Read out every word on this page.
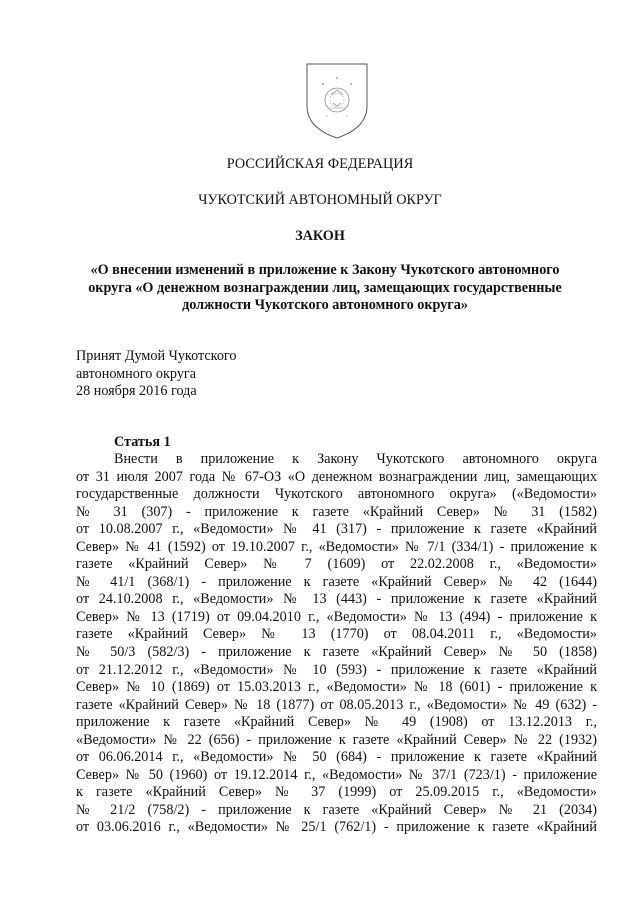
РОССИЙСКАЯ ФЕДЕРАЦИЯ
ЧУКОТСКИЙ АВТОНОМНЫЙ ОКРУГ
ЗАКОН
«О внесении изменений в приложение к Закону Чукотского автономного
округа «О денежном вознаграждении лиц, замещающих государственные
должности Чукотского автономного округа»
Принят Думой Чукотского
автономного округа
28 ноября 2016 года
Статья 1
Внести в приложение к Закону Чукотского автономного округа
от 31 июля 2007 года № 67-ОЗ «О денежном вознаграждении лиц, замещающих
государственные должности Чукотского автономного округа» («Ведомости»
№ 31 (307) - приложение к газете «Крайний Север» № 31 (1582)
от 10.08.2007 г., «Ведомости» № 41 (317) - приложение к газете «Крайний
Север» № 41 (1592) от 19.10.2007 г., «Ведомости» № 7/1 (334/1) - приложение к
газете «Крайний Север» № 7 (1609) от 22.02.2008 г., «Ведомости»
№ 41/1 (368/1) - приложение к газете «Крайний Север» № 42 (1644)
от 24.10.2008 г., «Ведомости» № 13 (443) - приложение к газете «Крайний
Север» № 13 (1719) от 09.04.2010 г., «Ведомости» № 13 (494) - приложение к
газете «Крайний Север» № 13 (1770) от 08.04.2011 г., «Ведомости»
№ 50/3 (582/3) - приложение к газете «Крайний Север» № 50 (1858)
от 21.12.2012 г., «Ведомости» № 10 (593) - приложение к газете «Крайний
Север» № 10 (1869) от 15.03.2013 г., «Ведомости» № 18 (601) - приложение к
газете «Крайний Север» № 18 (1877) от 08.05.2013 г., «Ведомости» № 49 (632) -
приложение к газете «Крайний Север» № 49 (1908) от 13.12.2013 г.,
«Ведомости» № 22 (656) - приложение к газете «Крайний Север» № 22 (1932)
от 06.06.2014 г., «Ведомости» № 50 (684) - приложение к газете «Крайний
Север» № 50 (1960) от 19.12.2014 г., «Ведомости» № 37/1 (723/1) - приложение
к газете «Крайний Север» № 37 (1999) от 25.09.2015 г., «Ведомости»
№ 21/2 (758/2) - приложение к газете «Крайний Север» № 21 (2034)
от 03.06.2016 г., «Ведомости» № 25/1 (762/1) - приложение к газете «Крайний
